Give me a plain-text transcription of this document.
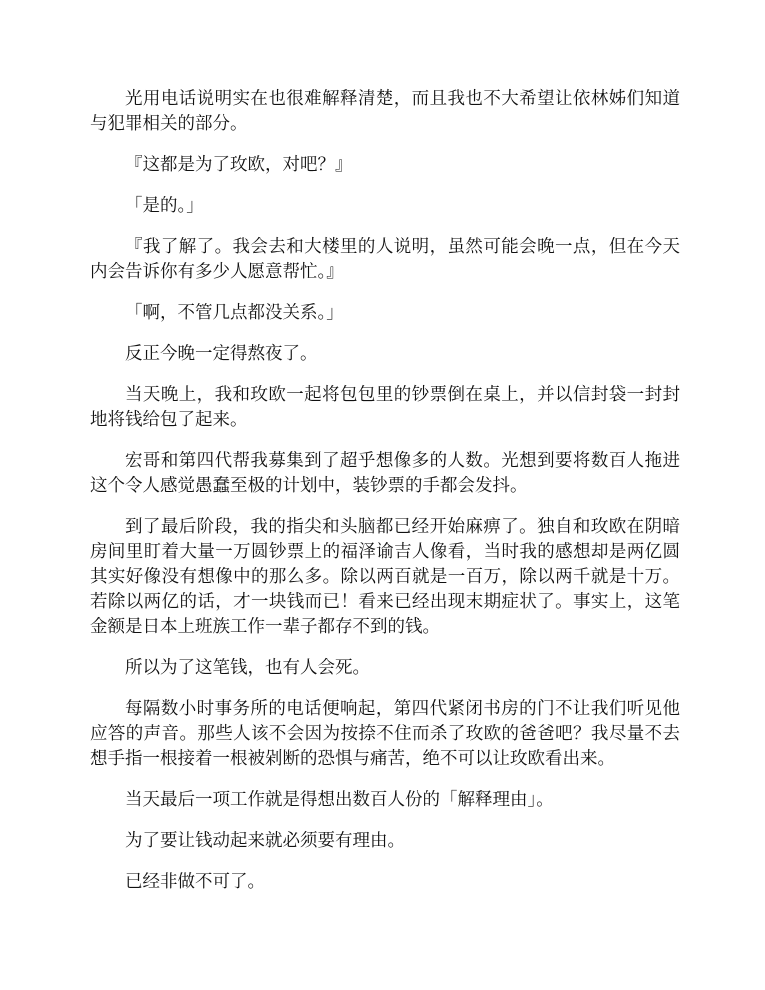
光用电话说明实在也很难解释清楚，而且我也不大希望让依林姊们知道与犯罪相关的部分。

『这都是为了玫欧，对吧？』

「是的。」

『我了解了。我会去和大楼里的人说明，虽然可能会晚一点，但在今天内会告诉你有多少人愿意帮忙。』

「啊，不管几点都没关系。」

反正今晚一定得熬夜了。

当天晚上，我和玫欧一起将包包里的钞票倒在桌上，并以信封袋一封封地将钱给包了起来。

宏哥和第四代帮我募集到了超乎想像多的人数。光想到要将数百人拖进这个令人感觉愚蠢至极的计划中，装钞票的手都会发抖。

到了最后阶段，我的指尖和头脑都已经开始麻痹了。独自和玫欧在阴暗房间里盯着大量一万圆钞票上的福泽谕吉人像看，当时我的感想却是两亿圆其实好像没有想像中的那么多。除以两百就是一百万，除以两千就是十万。若除以两亿的话，才一块钱而已！看来已经出现末期症状了。事实上，这笔金额是日本上班族工作一辈子都存不到的钱。

所以为了这笔钱，也有人会死。

每隔数小时事务所的电话便响起，第四代紧闭书房的门不让我们听见他应答的声音。那些人该不会因为按捺不住而杀了玫欧的爸爸吧？我尽量不去想手指一根接着一根被剁断的恐惧与痛苦，绝不可以让玫欧看出来。

当天最后一项工作就是得想出数百人份的「解释理由」。

为了要让钱动起来就必须要有理由。

已经非做不可了。
